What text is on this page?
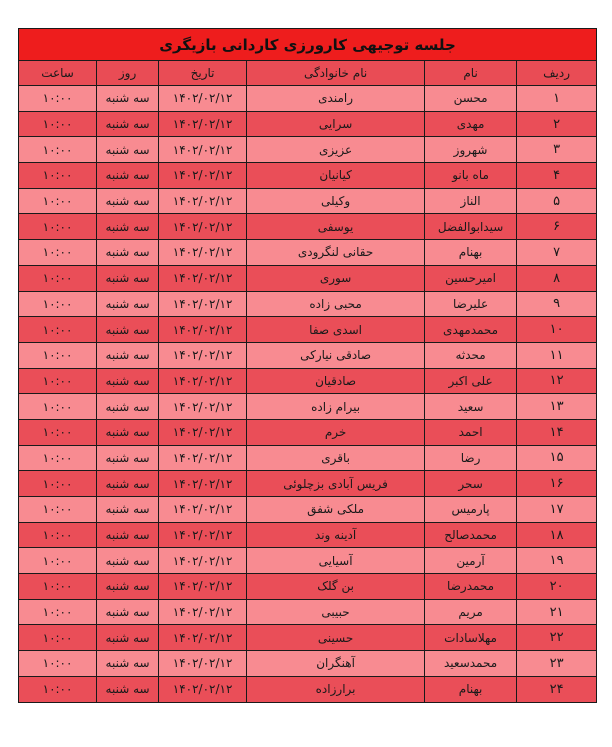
جلسه توجیهی کارورزی کاردانی بازیگری					
ردیف	نام	نام خانوادگی	تاریخ	روز	ساعت
۱	محسن	رامندی	۱۴۰۲/۰۲/۱۲	سه شنبه	۱۰:۰۰
۲	مهدی	سرایی	۱۴۰۲/۰۲/۱۲	سه شنبه	۱۰:۰۰
۳	شهروز	عزیزی	۱۴۰۲/۰۲/۱۲	سه شنبه	۱۰:۰۰
۴	ماه بانو	کیانیان	۱۴۰۲/۰۲/۱۲	سه شنبه	۱۰:۰۰
۵	الناز	وکیلی	۱۴۰۲/۰۲/۱۲	سه شنبه	۱۰:۰۰
۶	سیدابوالفضل	یوسفی	۱۴۰۲/۰۲/۱۲	سه شنبه	۱۰:۰۰
۷	بهنام	حقانی لنگرودی	۱۴۰۲/۰۲/۱۲	سه شنبه	۱۰:۰۰
۸	امیرحسین	سوری	۱۴۰۲/۰۲/۱۲	سه شنبه	۱۰:۰۰
۹	علیرضا	محبی زاده	۱۴۰۲/۰۲/۱۲	سه شنبه	۱۰:۰۰
۱۰	محمدمهدی	اسدی صفا	۱۴۰۲/۰۲/۱۲	سه شنبه	۱۰:۰۰
۱۱	محدثه	صادقی نیارکی	۱۴۰۲/۰۲/۱۲	سه شنبه	۱۰:۰۰
۱۲	علی اکبر	صادقیان	۱۴۰۲/۰۲/۱۲	سه شنبه	۱۰:۰۰
۱۳	سعید	بیرام زاده	۱۴۰۲/۰۲/۱۲	سه شنبه	۱۰:۰۰
۱۴	احمد	خرم	۱۴۰۲/۰۲/۱۲	سه شنبه	۱۰:۰۰
۱۵	رضا	باقری	۱۴۰۲/۰۲/۱۲	سه شنبه	۱۰:۰۰
۱۶	سحر	فریس آبادی بزچلوئی	۱۴۰۲/۰۲/۱۲	سه شنبه	۱۰:۰۰
۱۷	پارمیس	ملکی شفق	۱۴۰۲/۰۲/۱۲	سه شنبه	۱۰:۰۰
۱۸	محمدصالح	آدینه وند	۱۴۰۲/۰۲/۱۲	سه شنبه	۱۰:۰۰
۱۹	آرمین	آسیایی	۱۴۰۲/۰۲/۱۲	سه شنبه	۱۰:۰۰
۲۰	محمدرضا	بن گلک	۱۴۰۲/۰۲/۱۲	سه شنبه	۱۰:۰۰
۲۱	مریم	حبیبی	۱۴۰۲/۰۲/۱۲	سه شنبه	۱۰:۰۰
۲۲	مهلاسادات	حسینی	۱۴۰۲/۰۲/۱۲	سه شنبه	۱۰:۰۰
۲۳	محمدسعید	آهنگران	۱۴۰۲/۰۲/۱۲	سه شنبه	۱۰:۰۰
۲۴	بهنام	برارزاده	۱۴۰۲/۰۲/۱۲	سه شنبه	۱۰:۰۰
